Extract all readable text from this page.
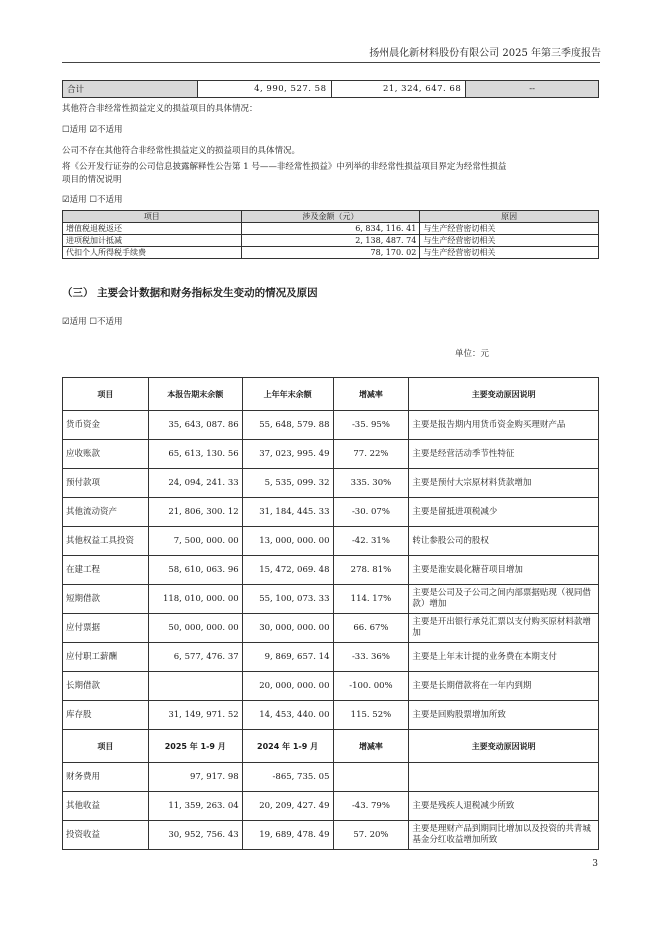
扬州晨化新材料股份有限公司 2025 年第三季度报告
合计	4, 990, 527. 58	21, 324, 647. 68	--
其他符合非经常性损益定义的损益项目的具体情况：
☐适用 ☑不适用
公司不存在其他符合非经常性损益定义的损益项目的具体情况。
将《公开发行证券的公司信息披露解释性公告第 1 号——非经常性损益》中列举的非经常性损益项目界定为经常性损益
项目的情况说明
☑适用 ☐不适用
项目	涉及金额（元）	原因
增值税退税返还	6, 834, 116. 41	与生产经营密切相关
进项税加计抵减	2, 138, 487. 74	与生产经营密切相关
代扣个人所得税手续费	78, 170. 02	与生产经营密切相关
（三） 主要会计数据和财务指标发生变动的情况及原因
☑适用 ☐不适用
单位：元
项目	本报告期末余额	上年年末余额	增减率	主要变动原因说明
货币资金	35, 643, 087. 86	55, 648, 579. 88	-35. 95%	主要是报告期内用货币资金购买理财产品
应收账款	65, 613, 130. 56	37, 023, 995. 49	77. 22%	主要是经营活动季节性特征
预付款项	24, 094, 241. 33	5, 535, 099. 32	335. 30%	主要是预付大宗原材料货款增加
其他流动资产	21, 806, 300. 12	31, 184, 445. 33	-30. 07%	主要是留抵进项税减少
其他权益工具投资	7, 500, 000. 00	13, 000, 000. 00	-42. 31%	转让参股公司的股权
在建工程	58, 610, 063. 96	15, 472, 069. 48	278. 81%	主要是淮安晨化糖苷项目增加
短期借款	118, 010, 000. 00	55, 100, 073. 33	114. 17%	主要是公司及子公司之间内部票据贴现（视同借款）增加
应付票据	50, 000, 000. 00	30, 000, 000. 00	66. 67%	主要是开出银行承兑汇票以支付购买原材料款增加
应付职工薪酬	6, 577, 476. 37	9, 869, 657. 14	-33. 36%	主要是上年末计提的业务费在本期支付
长期借款		20, 000, 000. 00	-100. 00%	主要是长期借款将在一年内到期
库存股	31, 149, 971. 52	14, 453, 440. 00	115. 52%	主要是回购股票增加所致
项目	2025 年 1-9 月	2024 年 1-9 月	增减率	主要变动原因说明
财务费用	97, 917. 98	-865, 735. 05		
其他收益	11, 359, 263. 04	20, 209, 427. 49	-43. 79%	主要是残疾人退税减少所致
投资收益	30, 952, 756. 43	19, 689, 478. 49	57. 20%	主要是理财产品到期同比增加以及投资的共青城基金分红收益增加所致
3
